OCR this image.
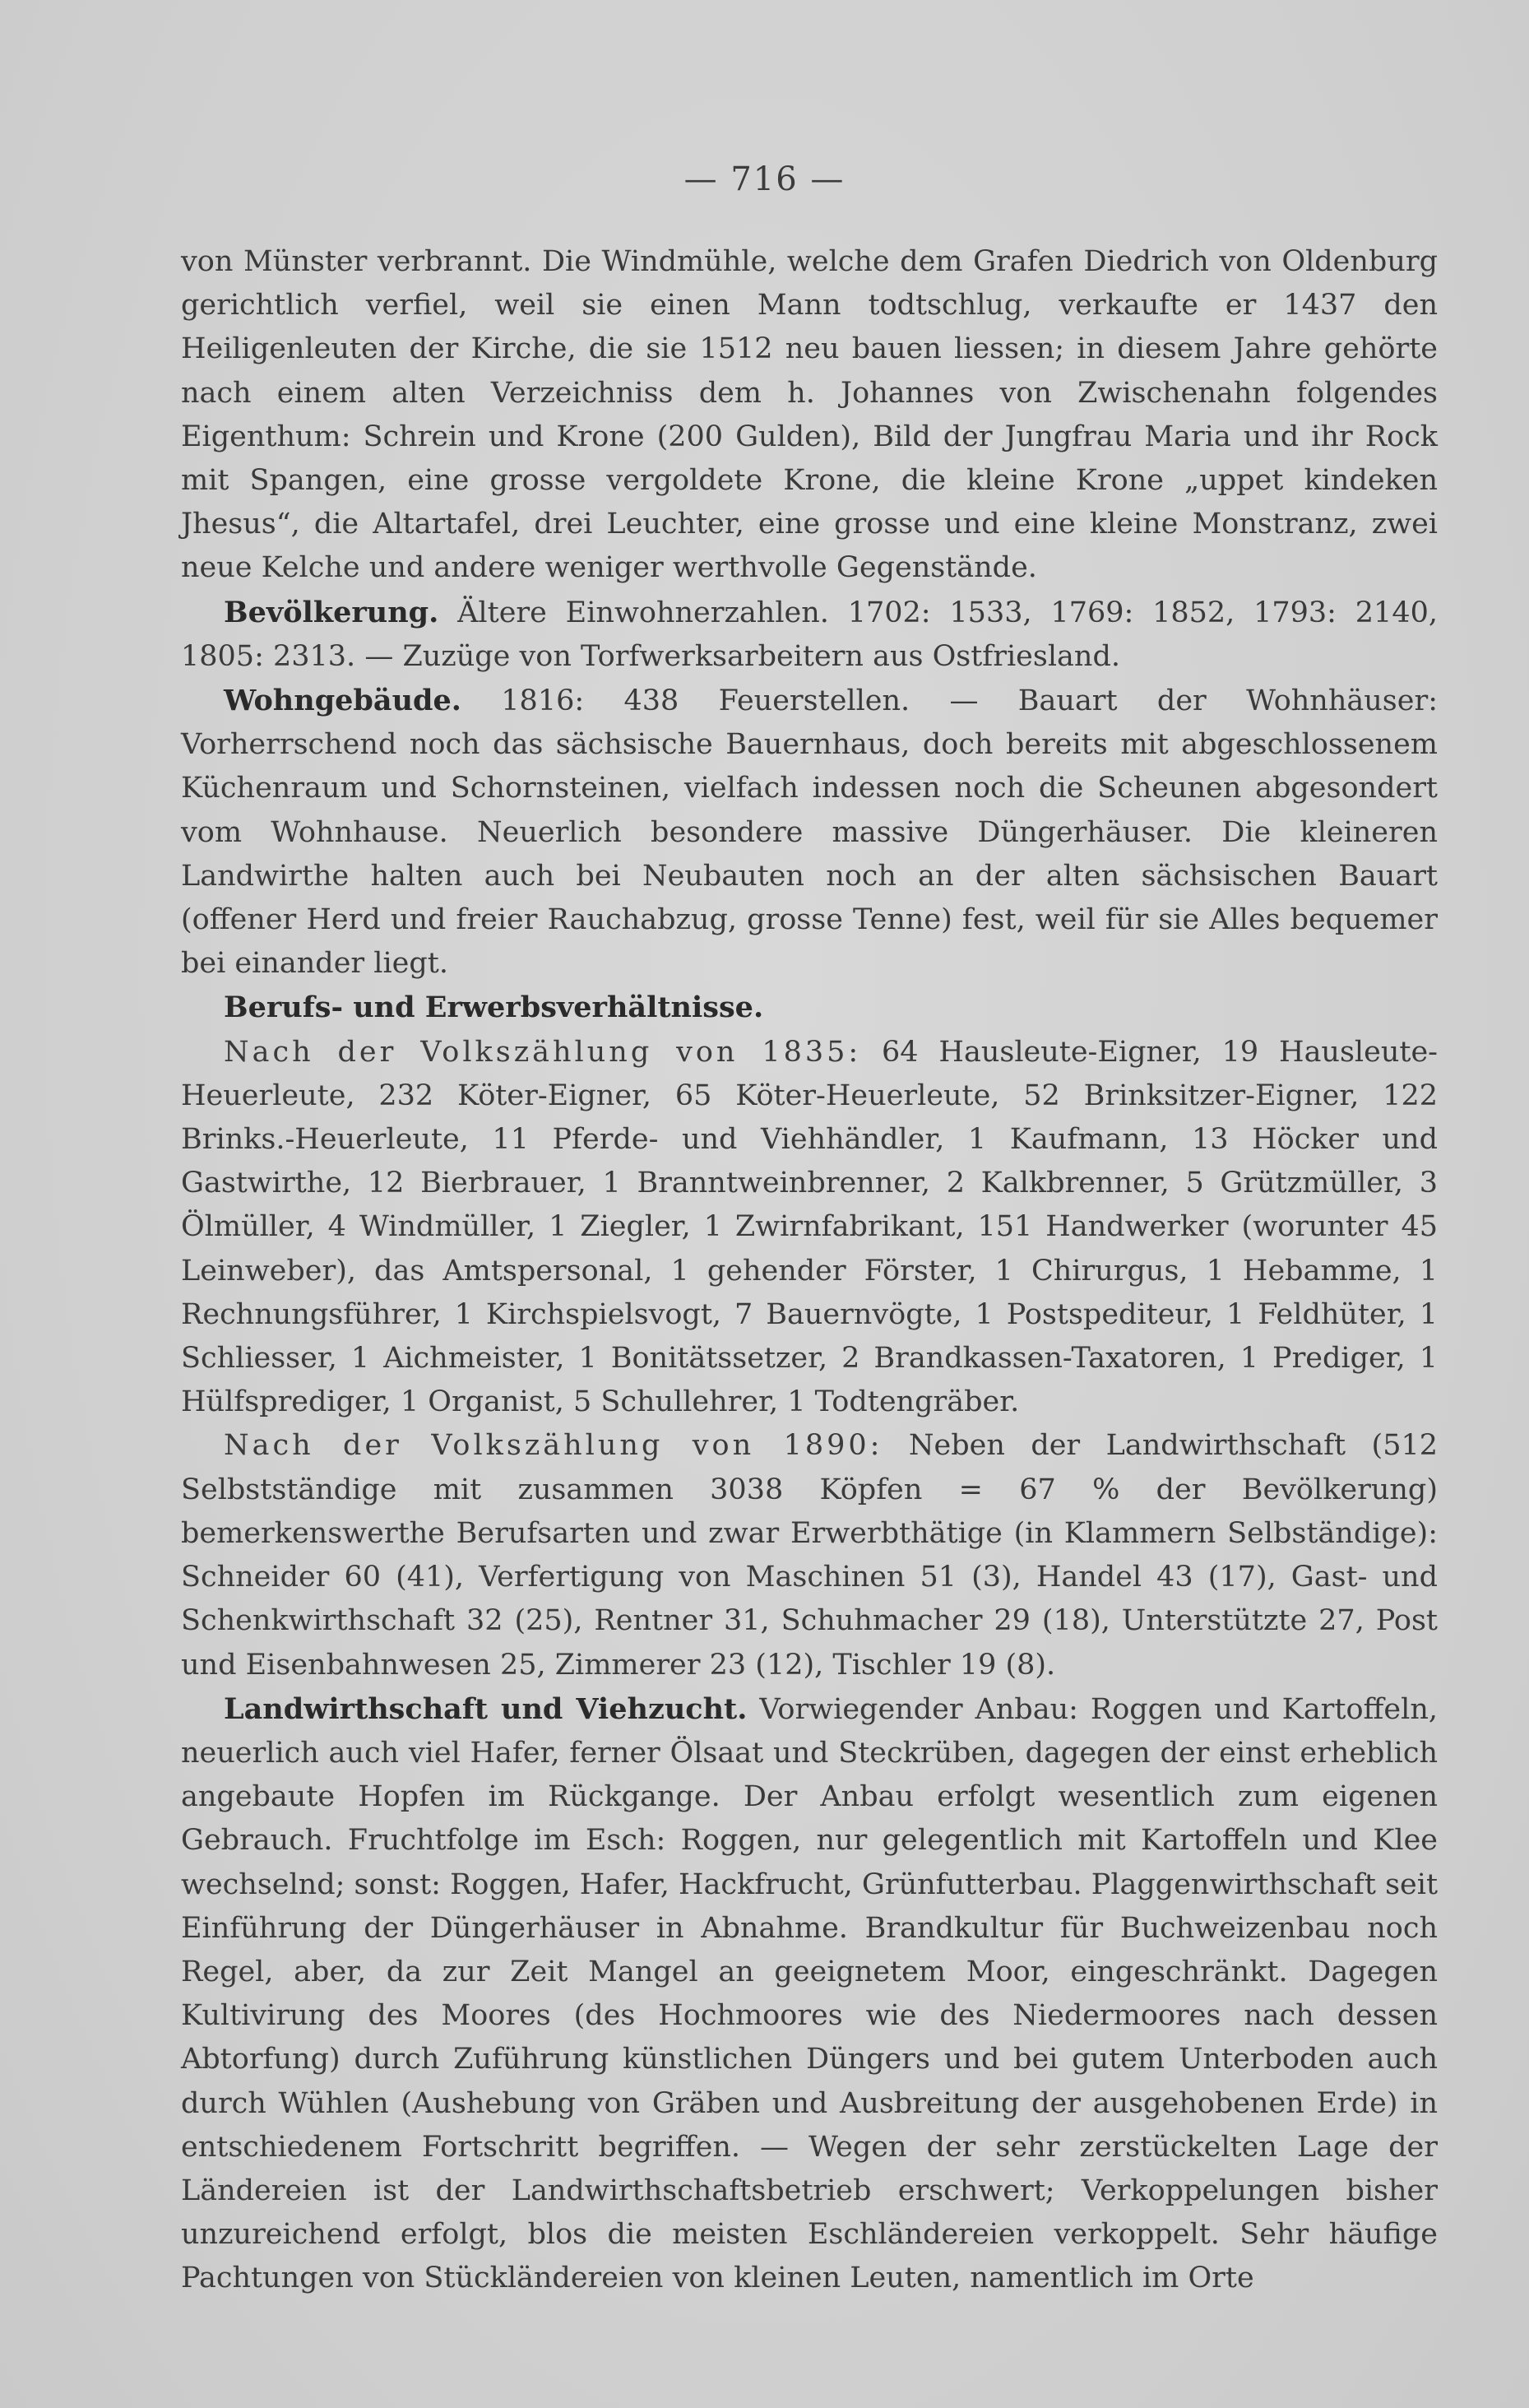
— 716 —

von Münster verbrannt. Die Windmühle, welche dem Grafen Diedrich von Oldenburg gerichtlich verfiel, weil sie einen Mann todtschlug, verkaufte er 1437 den Heiligenleuten der Kirche, die sie 1512 neu bauen liessen; in diesem Jahre gehörte nach einem alten Verzeichniss dem h. Johannes von Zwischenahn folgendes Eigenthum: Schrein und Krone (200 Gulden), Bild der Jungfrau Maria und ihr Rock mit Spangen, eine grosse vergoldete Krone, die kleine Krone „uppet kindeken Jhesus“, die Altartafel, drei Leuchter, eine grosse und eine kleine Monstranz, zwei neue Kelche und andere weniger werthvolle Gegenstände.

Bevölkerung. Ältere Einwohnerzahlen. 1702: 1533, 1769: 1852, 1793: 2140, 1805: 2313. — Zuzüge von Torfwerksarbeitern aus Ostfriesland.

Wohngebäude. 1816: 438 Feuerstellen. — Bauart der Wohnhäuser: Vorherrschend noch das sächsische Bauernhaus, doch bereits mit abgeschlossenem Küchenraum und Schornsteinen, vielfach indessen noch die Scheunen abgesondert vom Wohnhause. Neuerlich besondere massive Düngerhäuser. Die kleineren Landwirthe halten auch bei Neubauten noch an der alten sächsischen Bauart (offener Herd und freier Rauchabzug, grosse Tenne) fest, weil für sie Alles bequemer bei einander liegt.

Berufs- und Erwerbsverhältnisse.

Nach der Volkszählung von 1835: 64 Hausleute-Eigner, 19 Hausleute-Heuerleute, 232 Köter-Eigner, 65 Köter-Heuerleute, 52 Brinksitzer-Eigner, 122 Brinks.-Heuerleute, 11 Pferde- und Viehhändler, 1 Kaufmann, 13 Höcker und Gastwirthe, 12 Bierbrauer, 1 Branntweinbrenner, 2 Kalkbrenner, 5 Grützmüller, 3 Ölmüller, 4 Windmüller, 1 Ziegler, 1 Zwirnfabrikant, 151 Handwerker (worunter 45 Leinweber), das Amtspersonal, 1 gehender Förster, 1 Chirurgus, 1 Hebamme, 1 Rechnungsführer, 1 Kirchspielsvogt, 7 Bauernvögte, 1 Postspediteur, 1 Feldhüter, 1 Schliesser, 1 Aichmeister, 1 Bonitätssetzer, 2 Brandkassen-Taxatoren, 1 Prediger, 1 Hülfsprediger, 1 Organist, 5 Schullehrer, 1 Todtengräber.

Nach der Volkszählung von 1890: Neben der Landwirthschaft (512 Selbstständige mit zusammen 3038 Köpfen = 67 % der Bevölkerung) bemerkenswerthe Berufsarten und zwar Erwerbthätige (in Klammern Selbständige): Schneider 60 (41), Verfertigung von Maschinen 51 (3), Handel 43 (17), Gast- und Schenkwirthschaft 32 (25), Rentner 31, Schuhmacher 29 (18), Unterstützte 27, Post und Eisenbahnwesen 25, Zimmerer 23 (12), Tischler 19 (8).

Landwirthschaft und Viehzucht. Vorwiegender Anbau: Roggen und Kartoffeln, neuerlich auch viel Hafer, ferner Ölsaat und Steckrüben, dagegen der einst erheblich angebaute Hopfen im Rückgange. Der Anbau erfolgt wesentlich zum eigenen Gebrauch. Fruchtfolge im Esch: Roggen, nur gelegentlich mit Kartoffeln und Klee wechselnd; sonst: Roggen, Hafer, Hackfrucht, Grünfutterbau. Plaggenwirthschaft seit Einführung der Düngerhäuser in Abnahme. Brandkultur für Buchweizenbau noch Regel, aber, da zur Zeit Mangel an geeignetem Moor, eingeschränkt. Dagegen Kultivirung des Moores (des Hochmoores wie des Niedermoores nach dessen Abtorfung) durch Zuführung künstlichen Düngers und bei gutem Unterboden auch durch Wühlen (Aushebung von Gräben und Ausbreitung der ausgehobenen Erde) in entschiedenem Fortschritt begriffen. — Wegen der sehr zerstückelten Lage der Ländereien ist der Landwirthschaftsbetrieb erschwert; Verkoppelungen bisher unzureichend erfolgt, blos die meisten Eschländereien verkoppelt. Sehr häufige Pachtungen von Stückländereien von kleinen Leuten, namentlich im Orte
